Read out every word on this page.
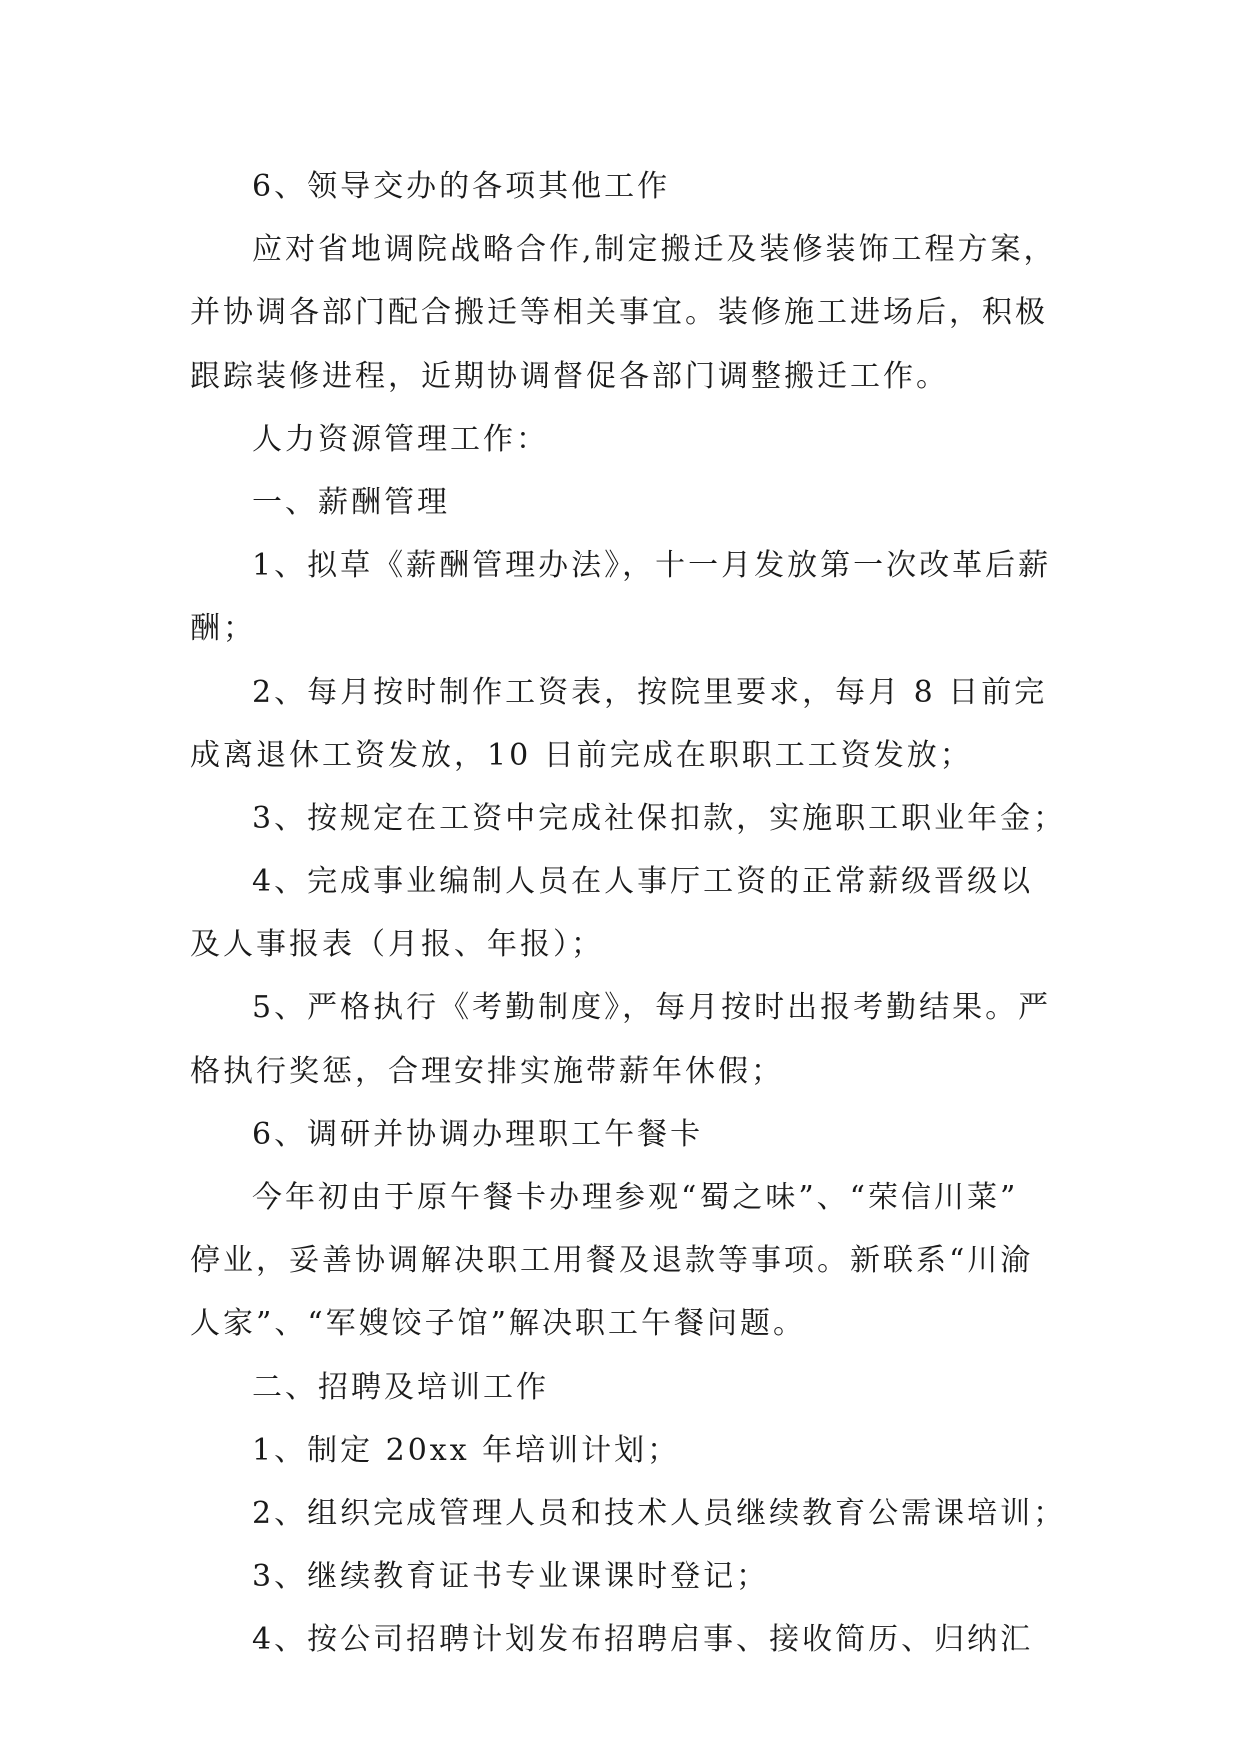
6、领导交办的各项其他工作
应对省地调院战略合作,制定搬迁及装修装饰工程方案，
并协调各部门配合搬迁等相关事宜。装修施工进场后，积极
跟踪装修进程，近期协调督促各部门调整搬迁工作。
人力资源管理工作：
一、薪酬管理
1、拟草《薪酬管理办法》，十一月发放第一次改革后薪
酬；
2、每月按时制作工资表，按院里要求，每月 8 日前完
成离退休工资发放，10 日前完成在职职工工资发放；
3、按规定在工资中完成社保扣款，实施职工职业年金；
4、完成事业编制人员在人事厅工资的正常薪级晋级以
及人事报表（月报、年报）；
5、严格执行《考勤制度》，每月按时出报考勤结果。严
格执行奖惩，合理安排实施带薪年休假；
6、调研并协调办理职工午餐卡
今年初由于原午餐卡办理参观“蜀之味”、“荣信川菜”
停业，妥善协调解决职工用餐及退款等事项。新联系“川渝
人家”、“军嫂饺子馆”解决职工午餐问题。
二、招聘及培训工作
1、制定 20xx 年培训计划；
2、组织完成管理人员和技术人员继续教育公需课培训；
3、继续教育证书专业课课时登记；
4、按公司招聘计划发布招聘启事、接收简历、归纳汇
